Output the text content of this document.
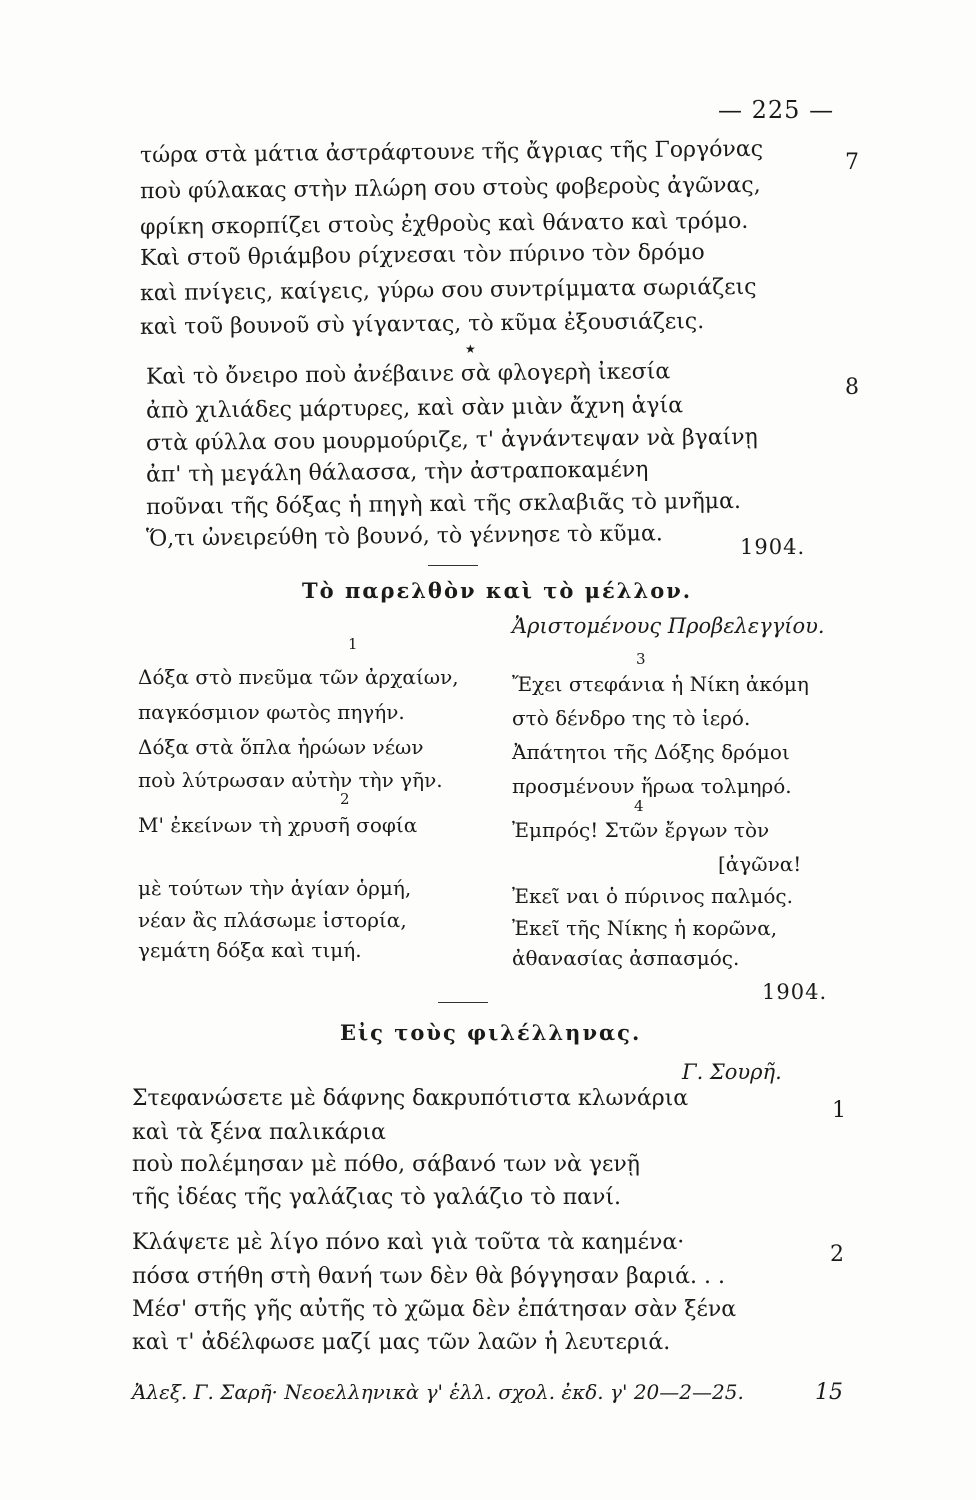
— 225 —
τώρα στὰ μάτια ἀστράφτουνε τῆς ἄγριας τῆς Γοργόνας	7
ποὺ φύλακας στὴν πλώρη σου στοὺς φοβεροὺς ἀγῶνας,
φρίκη σκορπίζει στοὺς ἐχθροὺς καὶ θάνατο καὶ τρόμο.
Καὶ στοῦ θριάμβου ρίχνεσαι τὸν πύρινο τὸν δρόμο
καὶ πνίγεις, καίγεις, γύρω σου συντρίμματα σωριάζεις
καὶ τοῦ βουνοῦ σὺ γίγαντας, τὸ κῦμα ἐξουσιάζεις.
★
Καὶ τὸ ὄνειρο ποὺ ἀνέβαινε σὰ φλογερὴ ἰκεσία	8
ἀπὸ χιλιάδες μάρτυρες, καὶ σὰν μιὰν ἄχνη ἁγία
στὰ φύλλα σου μουρμούριζε, τ' ἀγνάντεψαν νὰ βγαίνῃ
ἀπ' τὴ μεγάλη θάλασσα, τὴν ἀστραποκαμένη
ποῦναι τῆς δόξας ἡ πηγὴ καὶ τῆς σκλαβιᾶς τὸ μνῆμα.
Ὅ,τι ὠνειρεύθη τὸ βουνό, τὸ γέννησε τὸ κῦμα.	1904.
Τὸ παρελθὸν καὶ τὸ μέλλον.
Ἀριστομένους Προβελεγγίου.
1
Δόξα στὸ πνεῦμα τῶν ἀρχαίων,
παγκόσμιον φωτὸς πηγήν.
Δόξα στὰ ὅπλα ἡρώων νέων
ποὺ λύτρωσαν αὐτὴν τὴν γῆν.
2
Μ' ἐκείνων τὴ χρυσῆ σοφία
μὲ τούτων τὴν ἁγίαν ὁρμή,
νέαν ἂς πλάσωμε ἱστορία,
γεμάτη δόξα καὶ τιμή.
3
Ἔχει στεφάνια ἡ Νίκη ἀκόμη
στὸ δένδρο της τὸ ἱερό.
Ἀπάτητοι τῆς Δόξης δρόμοι
προσμένουν ἥρωα τολμηρό.
4
Ἐμπρός! Στῶν ἔργων τὸν
[ἀγῶνα!
Ἐκεῖ ναι ὁ πύρινος παλμός.
Ἐκεῖ τῆς Νίκης ἡ κορῶνα,
ἀθανασίας ἀσπασμός.
1904.
Εἰς τοὺς φιλέλληνας.
Γ. Σουρῆ.
Στεφανώσετε μὲ δάφνης δακρυπότιστα κλωνάρια	1
καὶ τὰ ξένα παλικάρια
ποὺ πολέμησαν μὲ πόθο, σάβανό των νὰ γενῇ
τῆς ἰδέας τῆς γαλάζιας τὸ γαλάζιο τὸ πανί.
Κλάψετε μὲ λίγο πόνο καὶ γιὰ τοῦτα τὰ καημένα·	2
πόσα στήθη στὴ θανή των δὲν θὰ βόγγησαν βαριά. . .
Μέσ' στῆς γῆς αὐτῆς τὸ χῶμα δὲν ἐπάτησαν σὰν ξένα
καὶ τ' ἀδέλφωσε μαζί μας τῶν λαῶν ἡ λευτεριά.
Ἀλεξ. Γ. Σαρῆ· Νεοελληνικὰ γ' ἑλλ. σχολ. ἐκδ. γ' 20—2—25.	15
